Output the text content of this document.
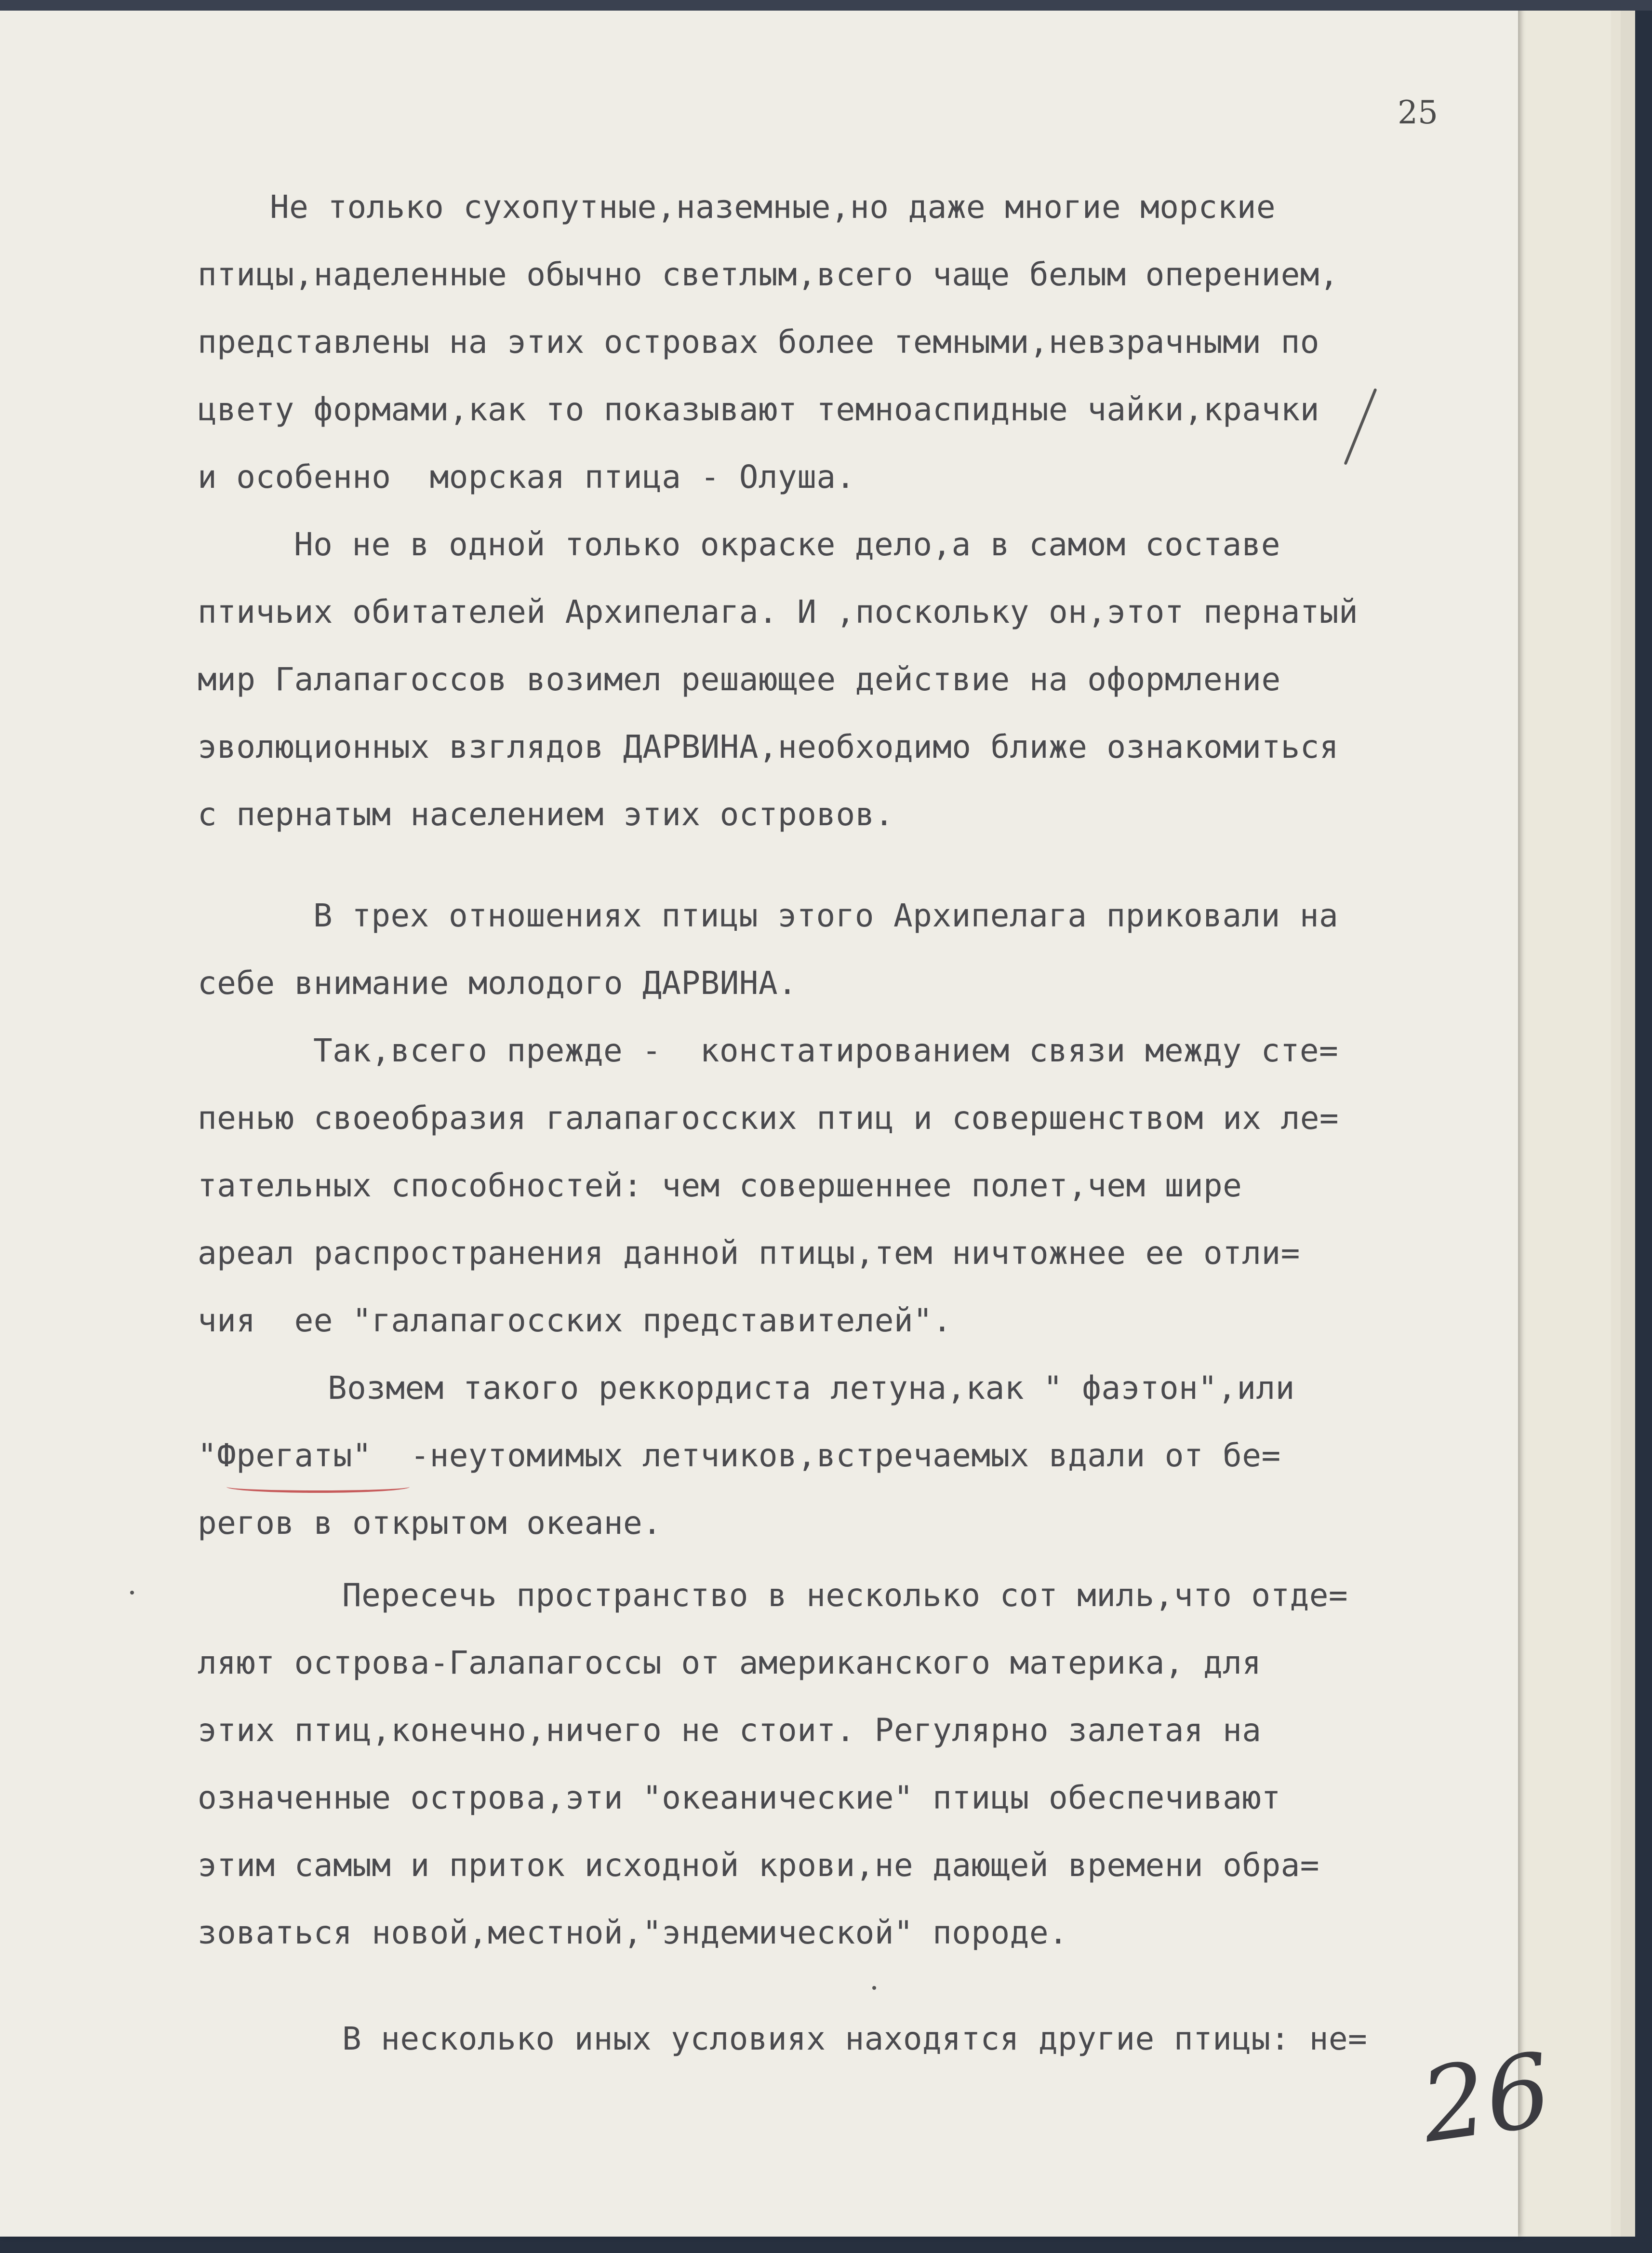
25
Не только сухопутные,наземные,но даже многие морские
птицы,наделенные обычно светлым,всего чаще белым оперением,
представлены на этих островах более темными,невзрачными по
цвету формами,как то показывают темноаспидные чайки,крачки
и особенно  морская птица - Олуша.
Но не в одной только окраске дело,а в самом составе
птичьих обитателей Архипелага. И ,поскольку он,этот пернатый
мир Галапагоссов возимел решающее действие на оформление
эволюционных взглядов ДАРВИНА,необходимо ближе ознакомиться
с пернатым населением этих островов.
В трех отношениях птицы этого Архипелага приковали на
себе внимание молодого ДАРВИНА.
Так,всего прежде -  констатированием связи между сте=
пенью своеобразия галапагосских птиц и совершенством их ле=
тательных способностей: чем совершеннее полет,чем шире
ареал распространения данной птицы,тем ничтожнее ее отли=
чия  ее "галапагосских представителей".
Возмем такого реккордиста летуна,как " фаэтон",или
"Фрегаты"  -неутомимых летчиков,встречаемых вдали от бе=
регов в открытом океане.
Пересечь пространство в несколько сот миль,что отде=
ляют острова-Галапагоссы от американского материка, для
этих птиц,конечно,ничего не стоит. Регулярно залетая на
означенные острова,эти "океанические" птицы обеспечивают
этим самым и приток исходной крови,не дающей времени обра=
зоваться новой,местной,"эндемической" породе.
В несколько иных условиях находятся другие птицы: не= 26
